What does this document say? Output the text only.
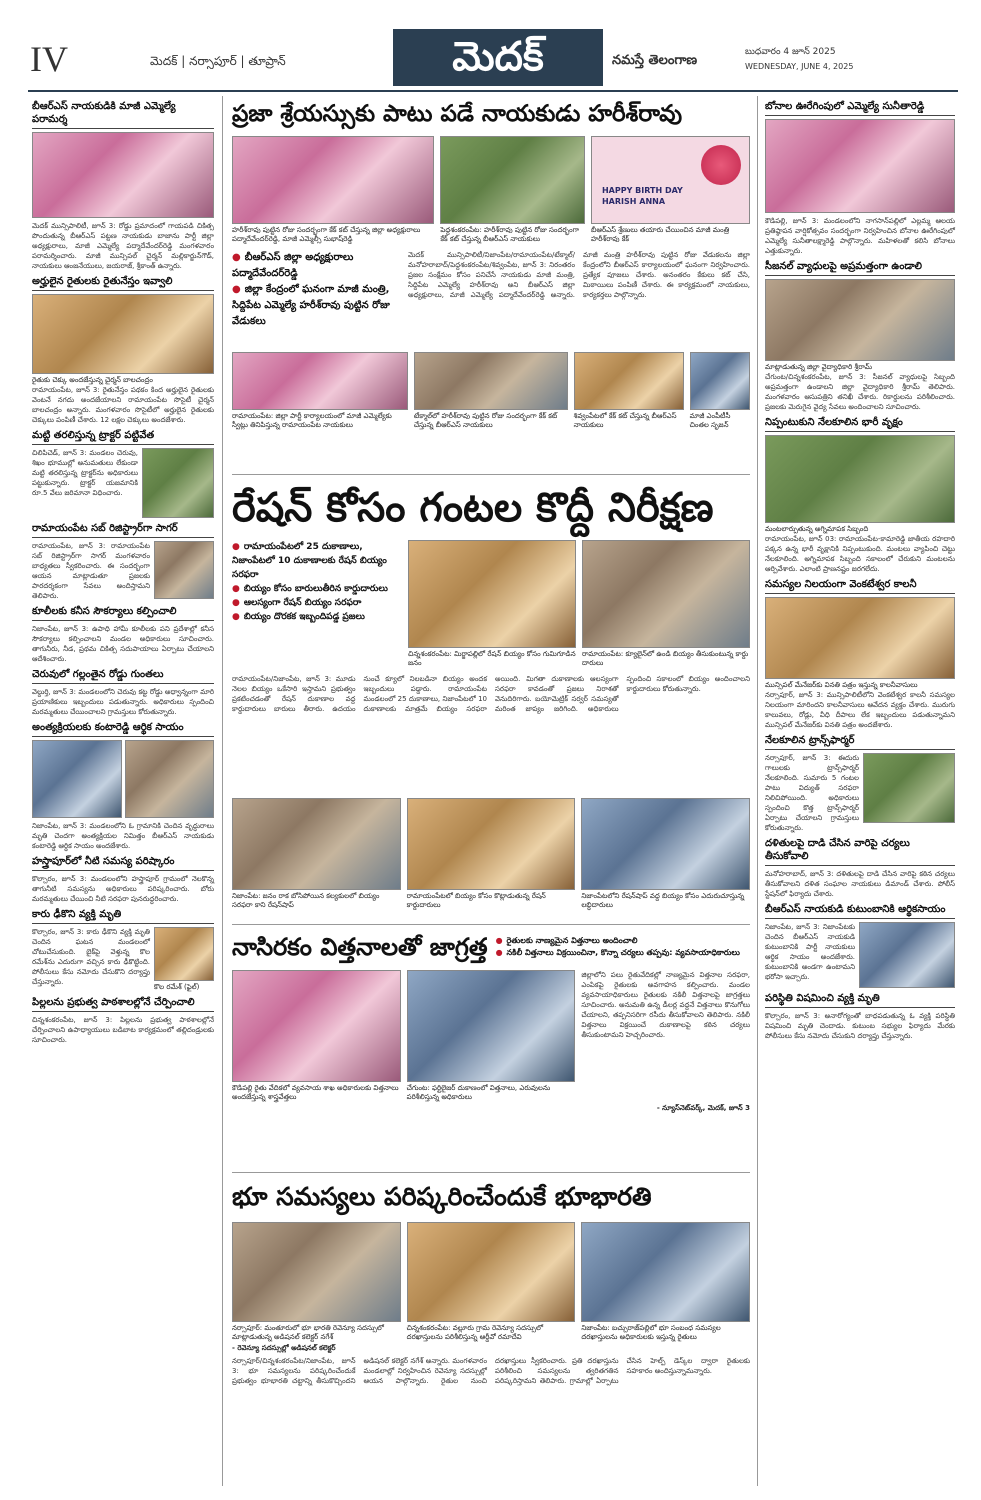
IV	మెదక్ | నర్సాపూర్ | తూప్రాన్	మెదక్	నమస్తే తెలంగాణ
బుధవారం 4 జూన్ 2025
WEDNESDAY, JUNE 4, 2025
బీఆర్‌ఎస్ నాయకుడికి మాజీ ఎమ్మెల్యే పరామర్శ
మెదక్ మున్సిపాలిటీ, జూన్ 3: రోడ్డు ప్రమాదంలో గాయపడి చికిత్స పొందుతున్న బీఆర్‌ఎస్ పట్టణ నాయకుడు బాజాను పార్టీ జిల్లా అధ్యక్షురాలు, మాజీ ఎమ్మెల్యే పద్మాదేవేందర్‌రెడ్డి మంగళవారం పరామర్శించారు. మాజీ మున్సిపల్ చైర్మన్ మల్లికార్జున్‌గౌడ్, నాయకులు ఆంజనేయులు, జయరాజ్, శ్రీకాంత్ ఉన్నారు.
అర్హులైన రైతులకు రైతునేస్తం ఇవ్వాలి
రైతుకు చెక్కు అందజేస్తున్న చైర్మన్ బాలచంద్రం
రామాయంపేట, జూన్ 3: రైతునేస్తం పథకం కింద అర్హులైన రైతులకు వెంటనే నగదు అందజేయాలని రామాయంపేట సొసైటీ చైర్మన్ బాలచంద్రం అన్నారు. మంగళవారం సొసైటీలో అర్హులైన రైతులకు చెక్కులు పంపిణీ చేశారు. 12 లక్షల చెక్కులు అందజేశారు.
మట్టి తరలిస్తున్న ట్రాక్టర్ పట్టివేత
చిలిపిచెడ్, జూన్ 3: మండలం చెరువు, శిఖం భూముల్లో అనుమతులు లేకుండా మట్టి తరలిస్తున్న ట్రాక్టర్‌ను అధికారులు పట్టుకున్నారు. ట్రాక్టర్ యజమానికి రూ.5 వేలు జరిమానా విధించారు.
రామాయంపేట సబ్ రిజిస్ట్రార్‌గా సాగర్
రామాయంపేట, జూన్ 3: రామాయంపేట సబ్ రిజిస్ట్రార్‌గా సాగర్ మంగళవారం బాధ్యతలు స్వీకరించారు. ఈ సందర్భంగా ఆయన మాట్లాడుతూ ప్రజలకు పారదర్శకంగా సేవలు అందిస్తామని తెలిపారు.
కూలీలకు కనీస సౌకర్యాలు కల్పించాలి
నిజాంపేట, జూన్ 3: ఉపాధి హామీ కూలీలకు పని ప్రదేశాల్లో కనీస సౌకర్యాలు కల్పించాలని మండల అధికారులు సూచించారు. తాగునీరు, నీడ, ప్రథమ చికిత్స సదుపాయాలు ఏర్పాటు చేయాలని ఆదేశించారు.
చెరువులో గల్లంతైన రోడ్డు గుంతలు
వెల్దుర్తి, జూన్ 3: మండలంలోని చెరువు కట్ట రోడ్డు అధ్వాన్నంగా మారి ప్రయాణికులు ఇబ్బందులు పడుతున్నారు. అధికారులు స్పందించి మరమ్మతులు చేయించాలని గ్రామస్తులు కోరుతున్నారు.
అంత్యక్రియలకు కంటారెడ్డి ఆర్థిక సాయం
నిజాంపేట, జూన్ 3: మండలంలోని ఓ గ్రామానికి చెందిన వృద్ధురాలు మృతి చెందగా అంత్యక్రియల నిమిత్తం బీఆర్‌ఎస్ నాయకుడు కంటారెడ్డి ఆర్థిక సాయం అందజేశారు.
హస్త్రాపూర్‌లో నీటి సమస్య పరిష్కారం
కొల్చారం, జూన్ 3: మండలంలోని హస్త్రాపూర్ గ్రామంలో నెలకొన్న తాగునీటి సమస్యను అధికారులు పరిష్కరించారు. బోరు మరమ్మతులు చేయించి నీటి సరఫరా పునరుద్ధరించారు.
కారు ఢీకొని వ్యక్తి మృతి
కొల్చారం, జూన్ 3: కారు ఢీకొని వ్యక్తి మృతి చెందిన ఘటన మండలంలో చోటుచేసుకుంది. బైక్‌పై వెళ్తున్న కొల రమేశ్‌ను ఎదురుగా వచ్చిన కారు ఢీకొట్టింది. పోలీసులు కేసు నమోదు చేసుకొని దర్యాప్తు చేస్తున్నారు.
కొల రమేశ్ (ఫైల్)
పిల్లలను ప్రభుత్వ పాఠశాలల్లోనే చేర్పించాలి
చిన్నశంకరంపేట, జూన్ 3: పిల్లలను ప్రభుత్వ పాఠశాలల్లోనే చేర్పించాలని ఉపాధ్యాయులు బడిబాట కార్యక్రమంలో తల్లిదండ్రులకు సూచించారు.
ప్రజా శ్రేయస్సుకు పాటు పడే నాయకుడు హరీశ్‌రావు
హరీశ్‌రావు పుట్టిన రోజు సందర్భంగా కేక్ కట్ చేస్తున్న జిల్లా అధ్యక్షురాలు పద్మాదేవేందర్‌రెడ్డి, మాజీ ఎమ్మెల్సీ సుభాష్‌రెడ్డి
పెద్దశంకరంపేట: హరీశ్‌రావు పుట్టిన రోజు సందర్భంగా కేక్ కట్ చేస్తున్న బీఆర్‌ఎస్ నాయకులు
HAPPY BIRTH DAY HARISH ANNA
బీఆర్‌ఎస్ శ్రేణులు తయారు చేయించిన మాజీ మంత్రి హరీశ్‌రావు కేక్
● బీఆర్‌ఎస్ జిల్లా అధ్యక్షురాలు పద్మాదేవేందర్‌రెడ్డి
● జిల్లా కేంద్రంలో ఘనంగా మాజీ మంత్రి, సిద్దిపేట ఎమ్మెల్యే హరీశ్‌రావు పుట్టిన రోజు వేడుకలు
మెదక్ మున్సిపాలిటీ/నిజాంపేట/రామాయంపేట/టేక్మాల్/మనోహరాబాద్/పెద్దశంకరంపేట/శివ్వంపేట, జూన్ 3: నిరంతరం ప్రజల సంక్షేమం కోసం పనిచేసే నాయకుడు మాజీ మంత్రి, సిద్దిపేట ఎమ్మెల్యే హరీశ్‌రావు అని బీఆర్‌ఎస్ జిల్లా అధ్యక్షురాలు, మాజీ ఎమ్మెల్యే పద్మాదేవేందర్‌రెడ్డి అన్నారు. మాజీ మంత్రి హరీశ్‌రావు పుట్టిన రోజు వేడుకలను జిల్లా కేంద్రంలోని బీఆర్‌ఎస్ కార్యాలయంలో ఘనంగా నిర్వహించారు. ప్రత్యేక పూజలు చేశారు. అనంతరం కేకులు కట్ చేసి, మిఠాయిలు పంపిణీ చేశారు. ఈ కార్యక్రమంలో నాయకులు, కార్యకర్తలు పాల్గొన్నారు.
రామాయంపేట: జిల్లా పార్టీ కార్యాలయంలో మాజీ ఎమ్మెల్యేకు స్వీట్లు తినిపిస్తున్న రామాయంపేట నాయకులు
టేక్మాల్‌లో హరీశ్‌రావు పుట్టిన రోజు సందర్భంగా కేక్ కట్ చేస్తున్న బీఆర్‌ఎస్ నాయకులు
శివ్వంపేటలో కేక్ కట్ చేస్తున్న బీఆర్‌ఎస్ నాయకులు
మాజీ ఎంపీటీసీ చింతల సృజన్
రేషన్ కోసం గంటల కొద్దీ నిరీక్షణ
● రామాయంపేటలో 25 దుకాణాలు, నిజాంపేటలో 10 దుకాణాలకు రేషన్ బియ్యం సరఫరా
● బియ్యం కోసం బారులుతీరిన కార్డుదారులు
● ఆలస్యంగా రేషన్ బియ్యం సరఫరా
● బియ్యం దొరకక ఇబ్బందిపడ్డ ప్రజలు
చిన్నశంకరంపేట: మిర్జాపల్లిలో రేషన్ బియ్యం కోసం గుమిగూడిన జనం
రామాయంపేట: క్యూలైన్‌లో ఉండి బియ్యం తీసుకుంటున్న కార్డు దారులు
రామాయంపేట/నిజాంపేట, జూన్ 3: మూడు నెలల బియ్యం ఒకేసారి ఇస్తామని ప్రభుత్వం ప్రకటించడంతో రేషన్ దుకాణాల వద్ద కార్డుదారులు బారులు తీరారు. ఉదయం నుంచే క్యూలో నిలబడినా బియ్యం అందక ఇబ్బందులు పడ్డారు. రామాయంపేట మండలంలో 25 దుకాణాలు, నిజాంపేటలో 10 దుకాణాలకు మాత్రమే బియ్యం సరఫరా అయింది. మిగతా దుకాణాలకు ఆలస్యంగా సరఫరా కావడంతో ప్రజలు నిరాశతో వెనుదిరిగారు. బయోమెట్రిక్ సర్వర్ సమస్యతో మరింత జాప్యం జరిగింది. అధికారులు స్పందించి సకాలంలో బియ్యం అందించాలని కార్డుదారులు కోరుతున్నారు.
నిజాంపేట: జనం రాక బోసిపోయిన కల్యకులలో బియ్యం సరఫరా కాని రేషన్‌షాప్
రామాయంపేటలో బియ్యం కోసం కొట్లాడుతున్న రేషన్ కార్డుదారులు
నిజాంపేటలోని రేషన్‌షాప్ వద్ద బియ్యం కోసం ఎదురుచూస్తున్న లబ్ధిదారులు
నాసిరకం విత్తనాలతో జాగ్రత్త ● రైతులకు నాణ్యమైన విత్తనాలు అందించాలి
● నకిలీ విత్తనాలు విక్రయించినా, కొన్నా చర్యలు తప్పవు: వ్యవసాయాధికారులు
కౌడిపల్లి రైతు వేదికలో వ్యవసాయ శాఖ అధికారులకు విత్తనాలు అందజేస్తున్న శాస్త్రవేత్తలు
చేగుంట: ఫర్టిలైజర్ దుకాణంలో విత్తనాలు, ఎరువులను పరిశీలిస్తున్న అధికారులు
జిల్లాలోని పలు రైతువేదికల్లో నాణ్యమైన విత్తనాల సరఫరా, ఎంపికపై రైతులకు అవగాహన కల్పించారు. మండల వ్యవసాయాధికారులు రైతులకు నకిలీ విత్తనాలపై జాగ్రత్తలు సూచించారు. అనుమతి ఉన్న డీలర్ల వద్దనే విత్తనాలు కొనుగోలు చేయాలని, తప్పనిసరిగా రసీదు తీసుకోవాలని తెలిపారు. నకిలీ విత్తనాలు విక్రయించే దుకాణాలపై కఠిన చర్యలు తీసుకుంటామని హెచ్చరించారు.
- న్యూస్‌నెట్‌వర్క్, మెదక్, జూన్ 3
భూ సమస్యలు పరిష్కరించేందుకే భూభారతి
నర్సాపూర్: మంతూరులో భూ భారతి రెవెన్యూ సదస్సులో మాట్లాడుతున్న అడిషనల్ కలెక్టర్ నగేశ్
చిన్నశంకరంపేట: వల్లూరు గ్రామ రెవెన్యూ సదస్సులో దరఖాస్తులను పరిశీలిస్తున్న ఆర్డీవో రమాదేవి
నిజాంపేట: బచ్చురాజ్‌పల్లిలో భూ సంబంధ సమస్యల దరఖాస్తులను అధికారులకు ఇస్తున్న రైతులు
- రెవెన్యూ సదస్సుల్లో అడిషనల్ కలెక్టర్
నర్సాపూర్/చిన్నశంకరంపేట/నిజాంపేట, జూన్ 3: భూ సమస్యలను పరిష్కరించేందుకే ప్రభుత్వం భూభారతి చట్టాన్ని తీసుకొచ్చిందని అడిషనల్ కలెక్టర్ నగేశ్ అన్నారు. మంగళవారం మండలాల్లో నిర్వహించిన రెవెన్యూ సదస్సుల్లో ఆయన పాల్గొన్నారు. రైతుల నుంచి దరఖాస్తులు స్వీకరించారు. ప్రతి దరఖాస్తును పరిశీలించి సమస్యలను త్వరితగతిన పరిష్కరిస్తామని తెలిపారు. గ్రామాల్లో ఏర్పాటు చేసిన హెల్ప్ డెస్క్‌ల ద్వారా రైతులకు సహకారం అందిస్తున్నామన్నారు.
బోనాల ఊరేగింపులో ఎమ్మెల్యే సునీతారెడ్డి
కౌడిపల్లి, జూన్ 3: మండలంలోని నాగసాన్‌పల్లిలో ఎల్లమ్మ ఆలయ ప్రతిష్ఠాపన వార్షికోత్సవం సందర్భంగా నిర్వహించిన బోనాల ఊరేగింపులో ఎమ్మెల్యే సునీతాలక్ష్మారెడ్డి పాల్గొన్నారు. మహిళలతో కలిసి బోనాలు ఎత్తుకున్నారు.
సీజనల్ వ్యాధులపై అప్రమత్తంగా ఉండాలి
మాట్లాడుతున్న జిల్లా వైద్యాధికారి శ్రీరామ్
చేగుంట/చిన్నశంకరంపేట, జూన్ 3: సీజనల్ వ్యాధులపై సిబ్బంది అప్రమత్తంగా ఉండాలని జిల్లా వైద్యాధికారి శ్రీరామ్ తెలిపారు. మంగళవారం ఆసుపత్రిని తనిఖీ చేశారు. రికార్డులను పరిశీలించారు. ప్రజలకు మెరుగైన వైద్య సేవలు అందించాలని సూచించారు.
నిప్పంటుకుని నేలకూలిన భారీ వృక్షం
మంటలార్పుతున్న అగ్నిమాపక సిబ్బంది
రామాయంపేట, జూన్ 03: రామాయంపేట-కామారెడ్డి జాతీయ రహదారి పక్కన ఉన్న భారీ వృక్షానికి నిప్పంటుకుంది. మంటలు వ్యాపించి చెట్టు నేలకూలింది. అగ్నిమాపక సిబ్బంది సకాలంలో చేరుకుని మంటలను ఆర్పివేశారు. ఎలాంటి ప్రాణనష్టం జరగలేదు.
సమస్యల నిలయంగా వెంకటేశ్వర కాలనీ
మున్సిపల్ మేనేజర్‌కు వినతి పత్రం ఇస్తున్న కాలనీవాసులు
నర్సాపూర్, జూన్ 3: మున్సిపాలిటీలోని వెంకటేశ్వర కాలనీ సమస్యల నిలయంగా మారిందని కాలనీవాసులు ఆవేదన వ్యక్తం చేశారు. మురుగు కాలువలు, రోడ్లు, వీధి దీపాలు లేక ఇబ్బందులు పడుతున్నామని మున్సిపల్ మేనేజర్‌కు వినతి పత్రం అందజేశారు.
నేలకూలిన ట్రాన్స్‌ఫార్మర్
నర్సాపూర్, జూన్ 3: ఈదురు గాలులకు ట్రాన్స్‌ఫార్మర్ నేలకూలింది. సుమారు 5 గంటల పాటు విద్యుత్ సరఫరా నిలిచిపోయింది. అధికారులు స్పందించి కొత్త ట్రాన్స్‌ఫార్మర్ ఏర్పాటు చేయాలని గ్రామస్తులు కోరుతున్నారు.
దళితులపై దాడి చేసిన వారిపై చర్యలు తీసుకోవాలి
మనోహరాబాద్, జూన్ 3: దళితులపై దాడి చేసిన వారిపై కఠిన చర్యలు తీసుకోవాలని దళిత సంఘాల నాయకులు డిమాండ్ చేశారు. పోలీస్ స్టేషన్‌లో ఫిర్యాదు చేశారు.
బీఆర్‌ఎస్ నాయకుడి కుటుంబానికి ఆర్థికసాయం
నిజాంపేట, జూన్ 3: నిజాంపేటకు చెందిన బీఆర్‌ఎస్ నాయకుడి కుటుంబానికి పార్టీ నాయకులు ఆర్థిక సాయం అందజేశారు. కుటుంబానికి అండగా ఉంటామని భరోసా ఇచ్చారు.
పరిస్థితి విషమించి వ్యక్తి మృతి
కొల్చారం, జూన్ 3: అనారోగ్యంతో బాధపడుతున్న ఓ వ్యక్తి పరిస్థితి విషమించి మృతి చెందాడు. కుటుంబ సభ్యుల ఫిర్యాదు మేరకు పోలీసులు కేసు నమోదు చేసుకుని దర్యాప్తు చేస్తున్నారు.
